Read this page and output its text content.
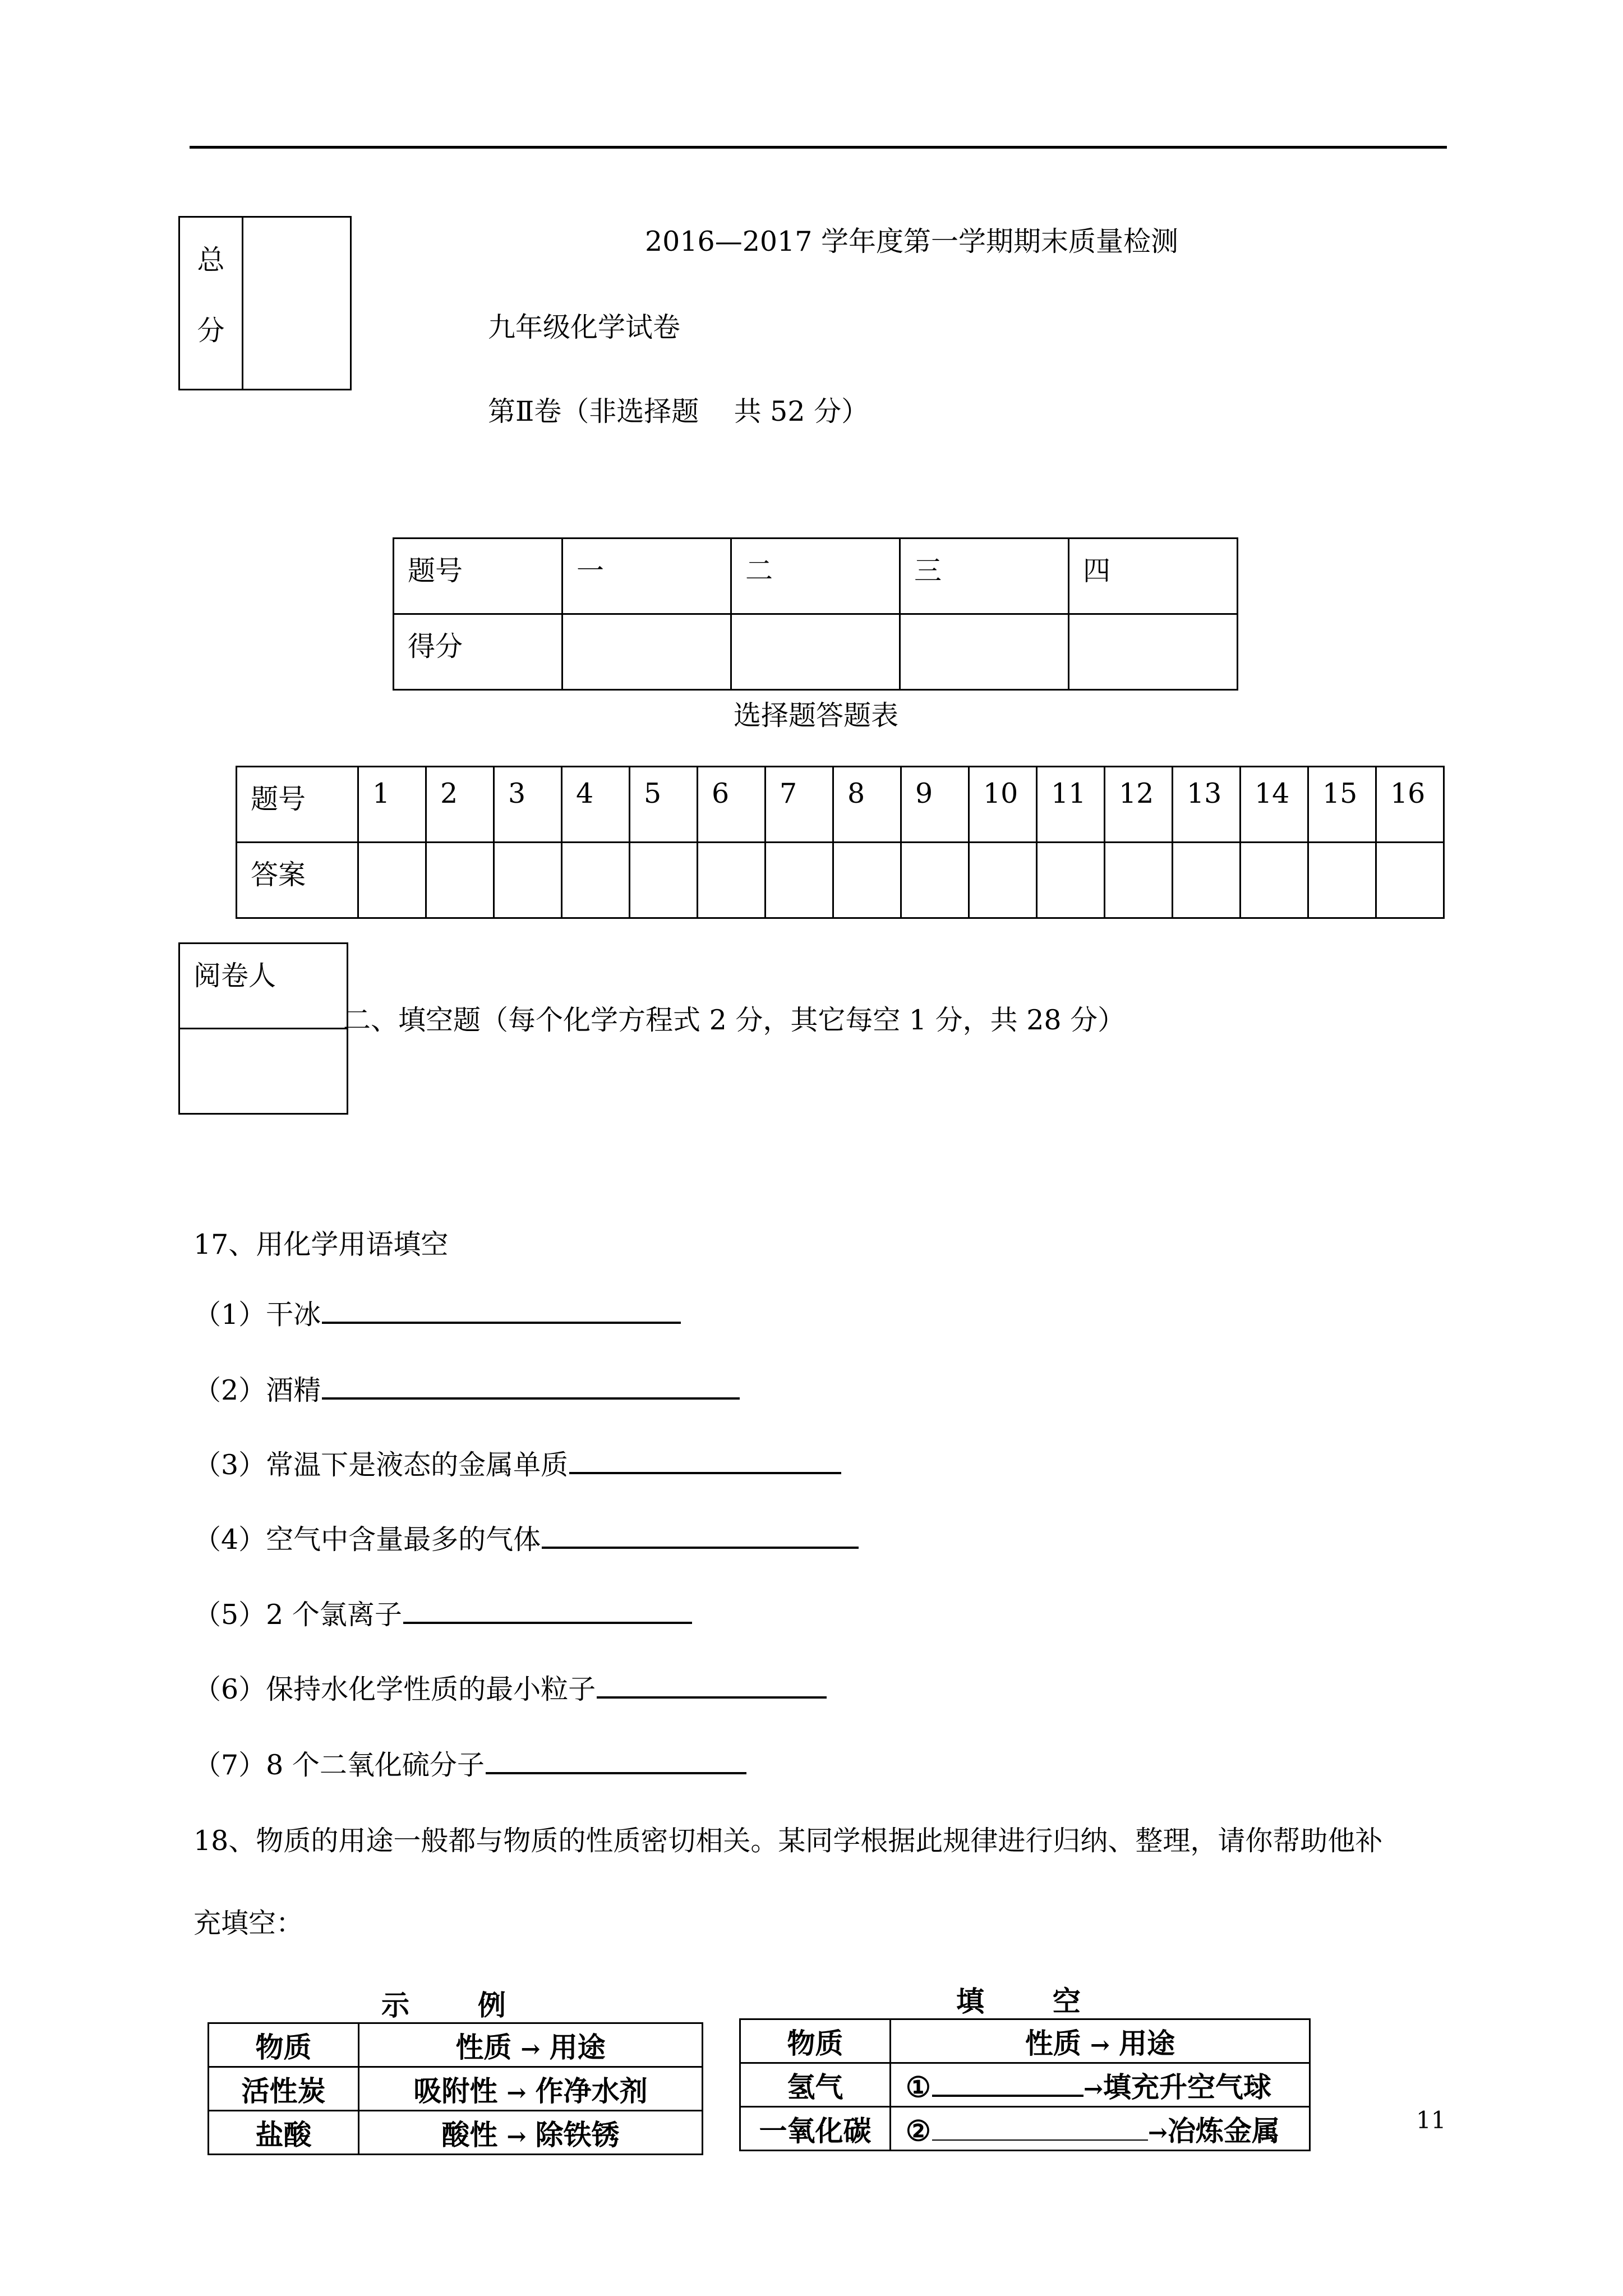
总
分

2016—2017 学年度第一学期期末质量检测
九年级化学试卷
第Ⅱ卷（非选择题    共 52 分）
题号	一	二	三	四
得分				
选择题答题表
题号	1	2	3	4	5	6	7	8	9	10	11	12	13	14	15	16
答案																
阅卷人

二、填空题（每个化学方程式 2 分，其它每空 1 分，共 28 分）
17、用化学用语填空
（1）干冰
（2）酒精
（3）常温下是液态的金属单质
（4）空气中含量最多的气体
（5）2 个氯离子
（6）保持水化学性质的最小粒子
（7）8 个二氧化硫分子
18、物质的用途一般都与物质的性质密切相关。某同学根据此规律进行归纳、整理，请你帮助他补
充填空：
示       例	填       空
物质	性质 → 用途
活性炭	吸附性 → 作净水剂
盐酸	酸性 → 除铁锈
物质	性质 → 用途
氢气	① →填充升空气球
一氧化碳	② →冶炼金属	11
